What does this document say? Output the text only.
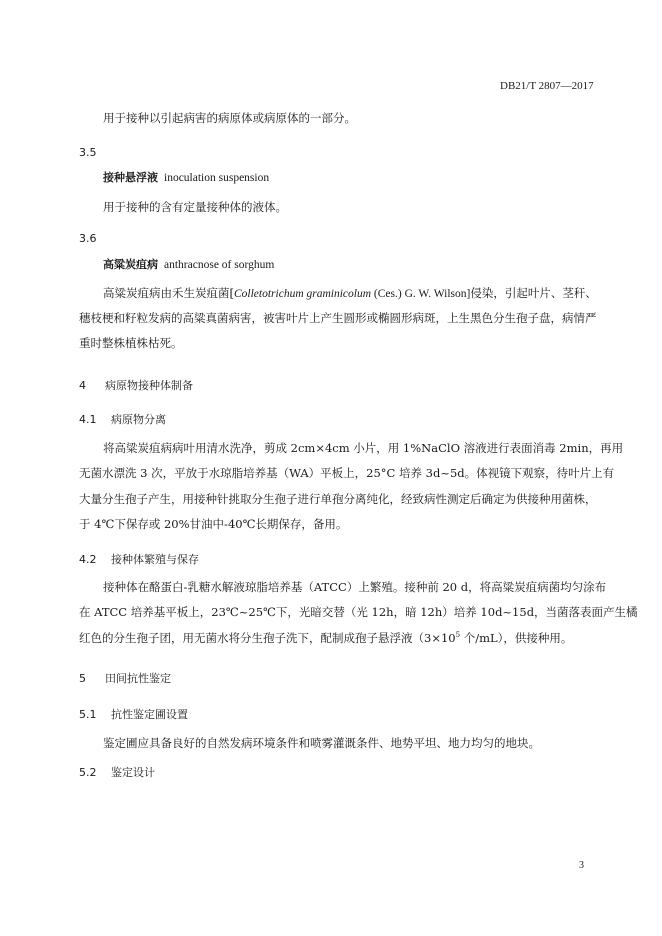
DB21/T 2807—2017
用于接种以引起病害的病原体或病原体的一部分。
3.5
接种悬浮液 inoculation suspension
用于接种的含有定量接种体的液体。
3.6
高粱炭疽病 anthracnose of sorghum
高粱炭疽病由禾生炭疽菌[Colletotrichum graminicolum (Ces.) G. W. Wilson]侵染，引起叶片、茎秆、
穗枝梗和籽粒发病的高粱真菌病害，被害叶片上产生圆形或椭圆形病斑，上生黑色分生孢子盘，病情严
重时整株植株枯死。
4 病原物接种体制备
4.1 病原物分离
将高粱炭疽病病叶用清水洗净，剪成 2cm×4cm 小片，用 1%NaClO 溶液进行表面消毒 2min，再用
无菌水漂洗 3 次，平放于水琼脂培养基（WA）平板上，25°C 培养 3d~5d。体视镜下观察，待叶片上有
大量分生孢子产生，用接种针挑取分生孢子进行单孢分离纯化，经致病性测定后确定为供接种用菌株，
于 4℃下保存或 20%甘油中-40℃长期保存，备用。
4.2 接种体繁殖与保存
接种体在酪蛋白-乳糖水解液琼脂培养基（ATCC）上繁殖。接种前 20 d，将高粱炭疽病菌均匀涂布
在 ATCC 培养基平板上，23℃~25℃下，光暗交替（光 12h，暗 12h）培养 10d~15d，当菌落表面产生橘
红色的分生孢子团，用无菌水将分生孢子洗下，配制成孢子悬浮液（$3\times 10^5$ 个/mL），供接种用。
5 田间抗性鉴定
5.1 抗性鉴定圃设置
鉴定圃应具备良好的自然发病环境条件和喷雾灌溉条件、地势平坦、地力均匀的地块。
5.2 鉴定设计
3
